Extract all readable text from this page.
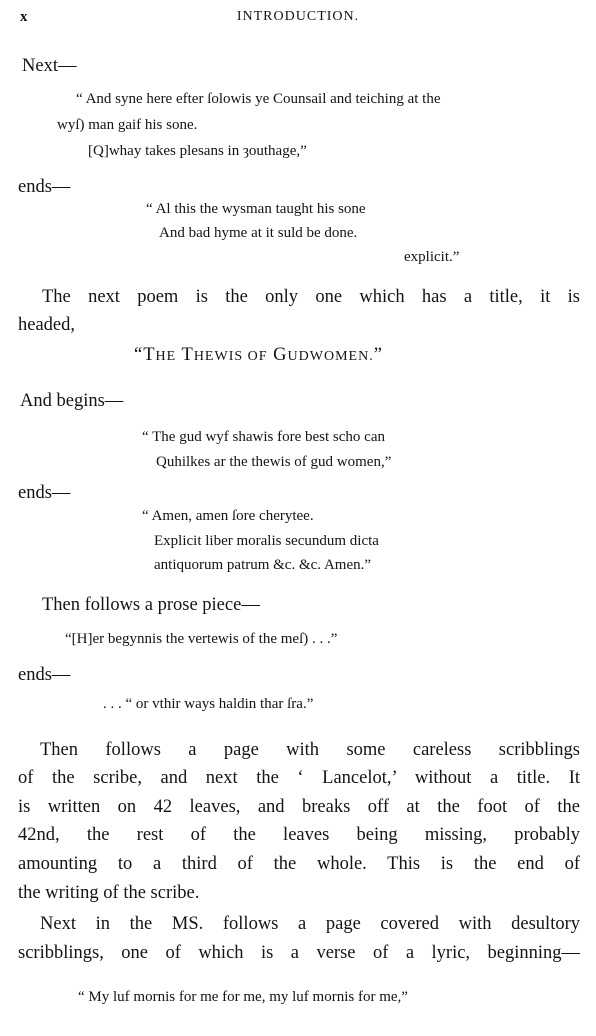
x	INTRODUCTION.
Next—
“ And syne here efter ſolowis ye Counsail and teiching at the
wyſ) man gaif his sone.
[Q]whay takes plesans in ȝouthage,”
ends—
“ Al this the wysman taught his sone
And bad hyme at it suld be done.
explicit.”
The next poem is the only one which has a title, it is
headed,
“THE THEWIS OF GUDWOMEN.”
And begins—
“ The gud wyf shawis fore best scho can
Quhilkes ar the thewis of gud women,”
ends—
“ Amen, amen ſore cherytee.
Explicit liber moralis secundum dicta
antiquorum patrum &c. &c. Amen.”
Then follows a prose piece—
“[H]er begynnis the vertewis of the meſ) . . .”
ends—
. . . “ or vthir ways haldin thar ſra.”
Then follows a page with some careless scribblings
of the scribe, and next the ‘ Lancelot,’ without a title. It
is written on 42 leaves, and breaks off at the foot of the
42nd, the rest of the leaves being missing, probably
amounting to a third of the whole. This is the end of
the writing of the scribe.
Next in the MS. follows a page covered with desultory
scribblings, one of which is a verse of a lyric, beginning—
“ My luf mornis for me for me, my luf mornis for me,”
